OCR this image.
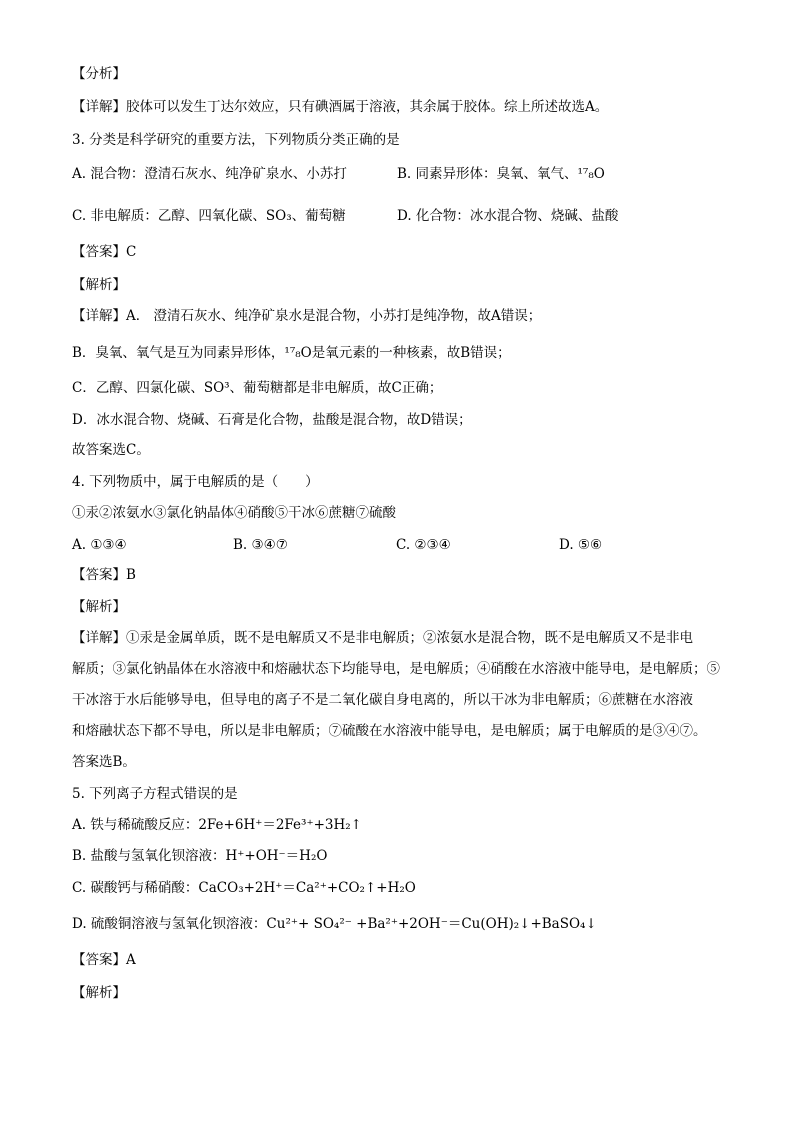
【分析】
【详解】胶体可以发生丁达尔效应，只有碘酒属于溶液，其余属于胶体。综上所述故选A。
3. 分类是科学研究的重要方法，下列物质分类正确的是
A. 混合物：澄清石灰水、纯净矿泉水、小苏打	B. 同素异形体：臭氧、氧气、¹⁷₈O
C. 非电解质：乙醇、四氧化碳、SO₃、葡萄糖	D. 化合物：冰水混合物、烧碱、盐酸
【答案】C
【解析】
【详解】A． 澄清石灰水、纯净矿泉水是混合物，小苏打是纯净物，故A错误；
B．臭氧、氧气是互为同素异形体，¹⁷₈O是氧元素的一种核素，故B错误；
C．乙醇、四氯化碳、SO³、葡萄糖都是非电解质，故C正确；
D．冰水混合物、烧碱、石膏是化合物，盐酸是混合物，故D错误；
故答案选C。
4. 下列物质中，属于电解质的是（　　）
①汞②浓氨水③氯化钠晶体④硝酸⑤干冰⑥蔗糖⑦硫酸
A. ①③④	B. ③④⑦	C. ②③④	D. ⑤⑥
【答案】B
【解析】
【详解】①汞是金属单质，既不是电解质又不是非电解质；②浓氨水是混合物，既不是电解质又不是非电
解质；③氯化钠晶体在水溶液中和熔融状态下均能导电，是电解质；④硝酸在水溶液中能导电，是电解质；⑤
干冰溶于水后能够导电，但导电的离子不是二氧化碳自身电离的，所以干冰为非电解质；⑥蔗糖在水溶液
和熔融状态下都不导电，所以是非电解质；⑦硫酸在水溶液中能导电，是电解质；属于电解质的是③④⑦。
答案选B。
5. 下列离子方程式错误的是
A. 铁与稀硫酸反应：2Fe+6H⁺＝2Fe³⁺+3H₂↑
B. 盐酸与氢氧化钡溶液：H⁺+OH⁻＝H₂O
C. 碳酸钙与稀硝酸：CaCO₃+2H⁺＝Ca²⁺+CO₂↑+H₂O
D. 硫酸铜溶液与氢氧化钡溶液：Cu²⁺+ SO₄²⁻ +Ba²⁺+2OH⁻＝Cu(OH)₂↓+BaSO₄↓
【答案】A
【解析】
